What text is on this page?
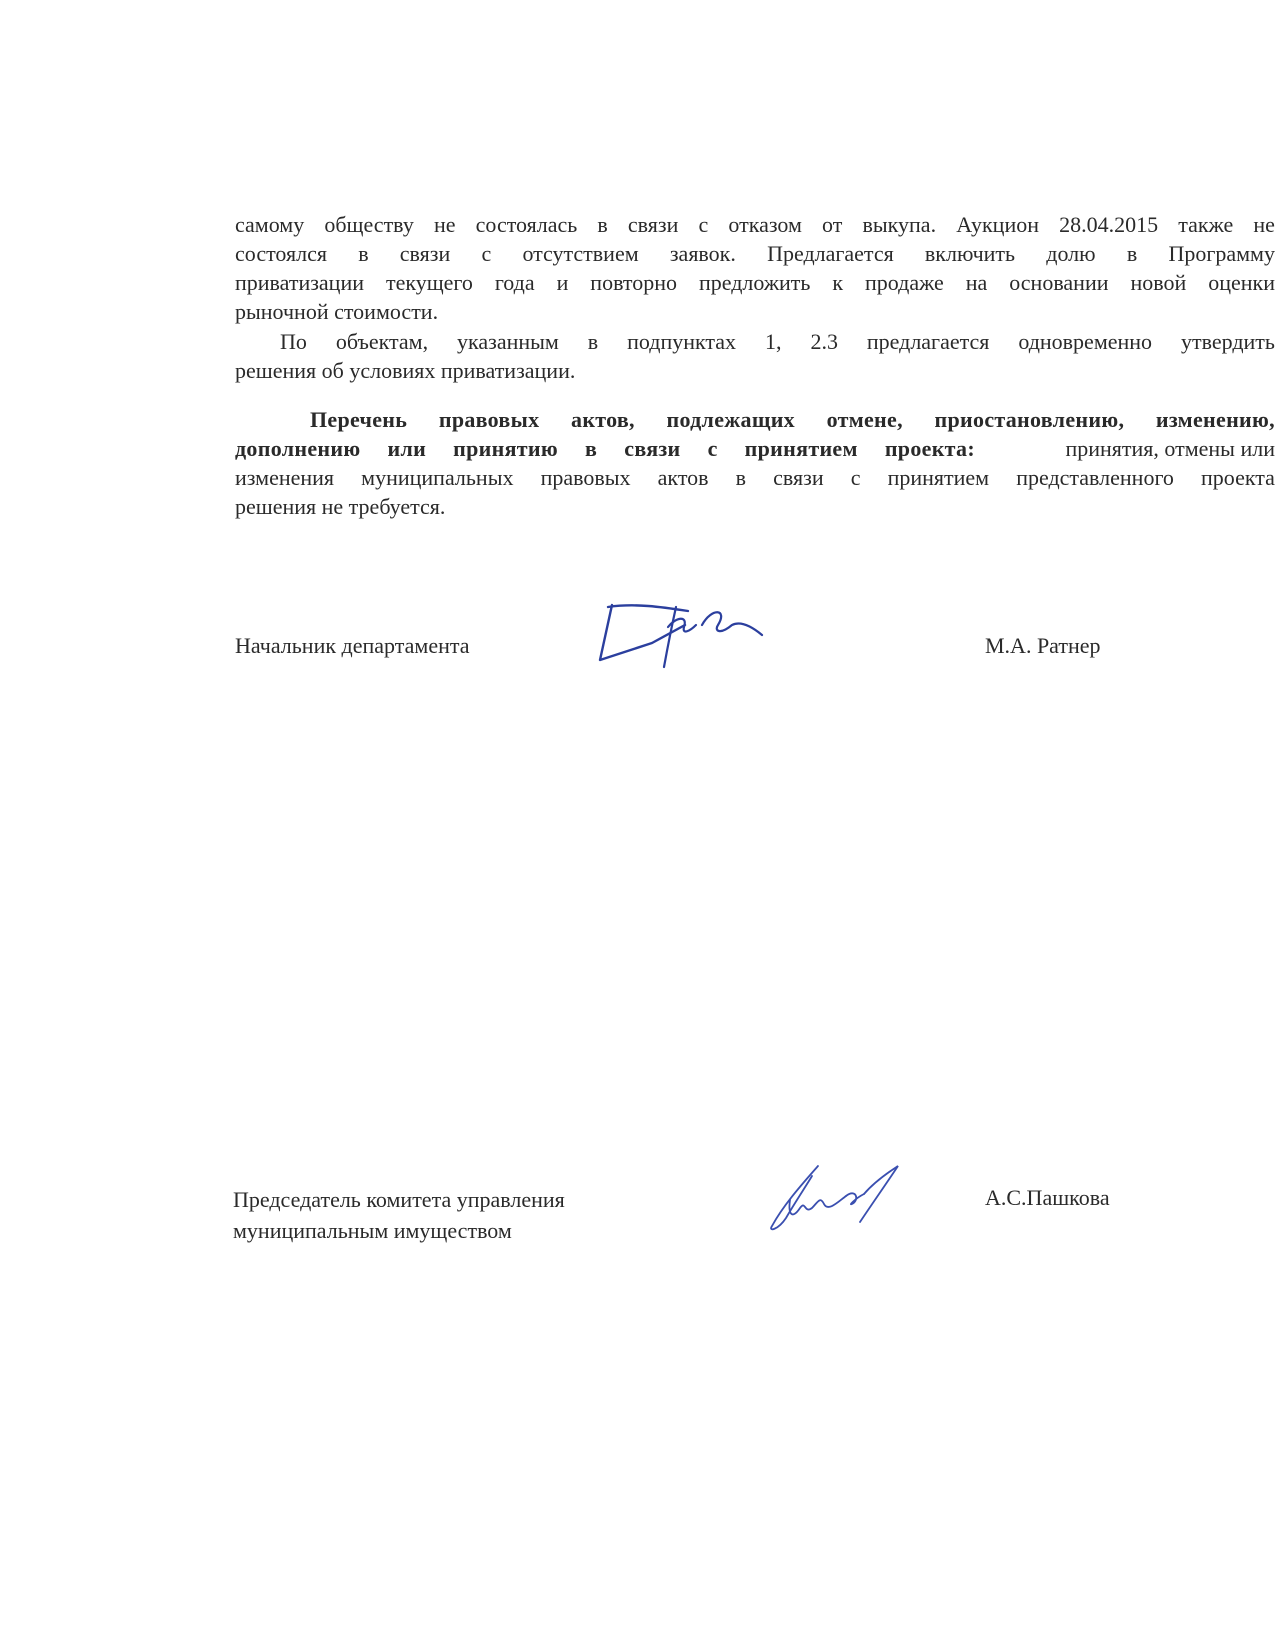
самому обществу не состоялась в связи с отказом от выкупа. Аукцион 28.04.2015 также не
состоялся в связи с отсутствием заявок. Предлагается включить долю в Программу
приватизации текущего года и повторно предложить к продаже на основании новой оценки
рыночной стоимости.
По объектам, указанным в подпунктах 1, 2.3 предлагается одновременно утвердить
решения об условиях приватизации.
Перечень правовых актов, подлежащих отмене, приостановлению, изменению,
дополнению или принятию в связи с принятием проекта:	принятия, отмены или
изменения муниципальных правовых актов в связи с принятием представленного проекта
решения не требуется.
Начальник департамента	М.А. Ратнер
Председатель комитета управления
муниципальным имуществом
А.С.Пашкова
